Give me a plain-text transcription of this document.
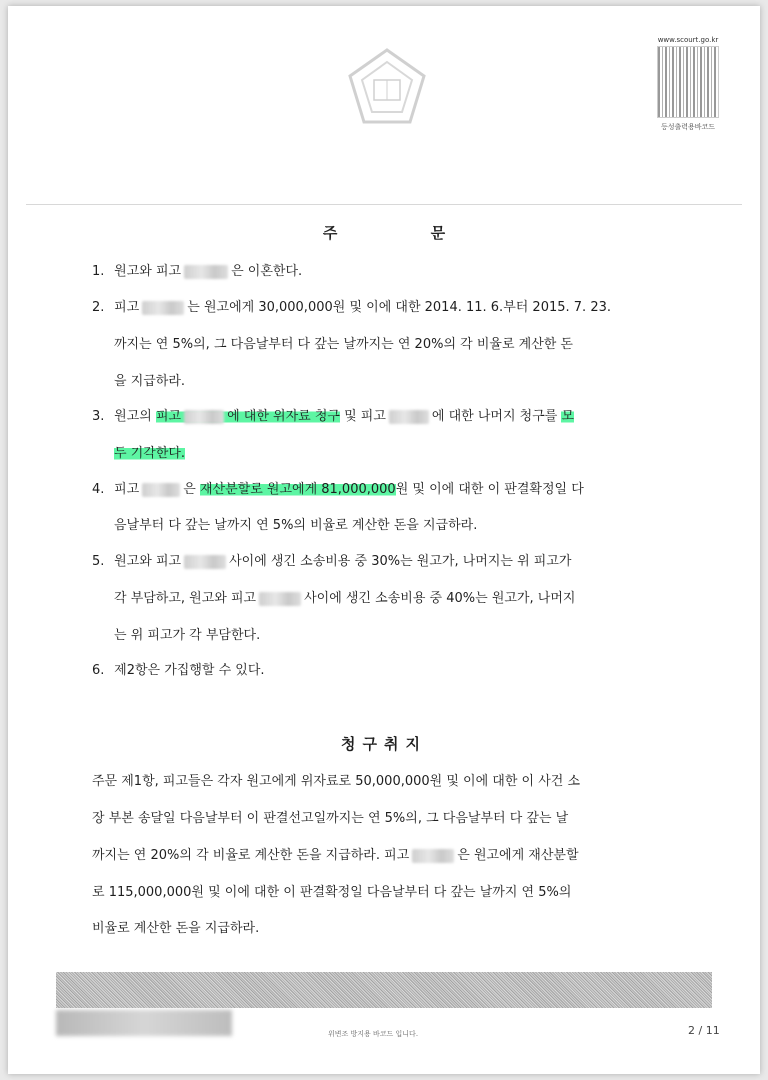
www.scourt.go.kr
등성출력용바코드
주 문
1. 원고와 피고	은 이혼한다.
2. 피고	는 원고에게 30,000,000원 및 이에 대한 2014. 11. 6.부터 2015. 7. 23.
까지는 연 5%의, 그 다음날부터 다 갚는 날까지는 연 20%의 각 비율로 계산한 돈
을 지급하라.
3. 원고의 피고	에 대한 위자료 청구 및 피고	에 대한 나머지 청구를 모
두 기각한다.
4. 피고	은 재산분할로 원고에게 81,000,000원 및 이에 대한 이 판결확정일 다
음날부터 다 갚는 날까지 연 5%의 비율로 계산한 돈을 지급하라.
5. 원고와 피고	사이에 생긴 소송비용 중 30%는 원고가, 나머지는 위 피고가
각 부담하고, 원고와 피고	사이에 생긴 소송비용 중 40%는 원고가, 나머지
는 위 피고가 각 부담한다.
6. 제2항은 가집행할 수 있다.
청구취지
주문 제1항, 피고들은 각자 원고에게 위자료로 50,000,000원 및 이에 대한 이 사건 소
장 부본 송달일 다음날부터 이 판결선고일까지는 연 5%의, 그 다음날부터 다 갚는 날
까지는 연 20%의 각 비율로 계산한 돈을 지급하라. 피고	은 원고에게 재산분할
로 115,000,000원 및 이에 대한 이 판결확정일 다음날부터 다 갚는 날까지 연 5%의
비율로 계산한 돈을 지급하라.
위변조 방지용 바코드 입니다.	2 / 11
